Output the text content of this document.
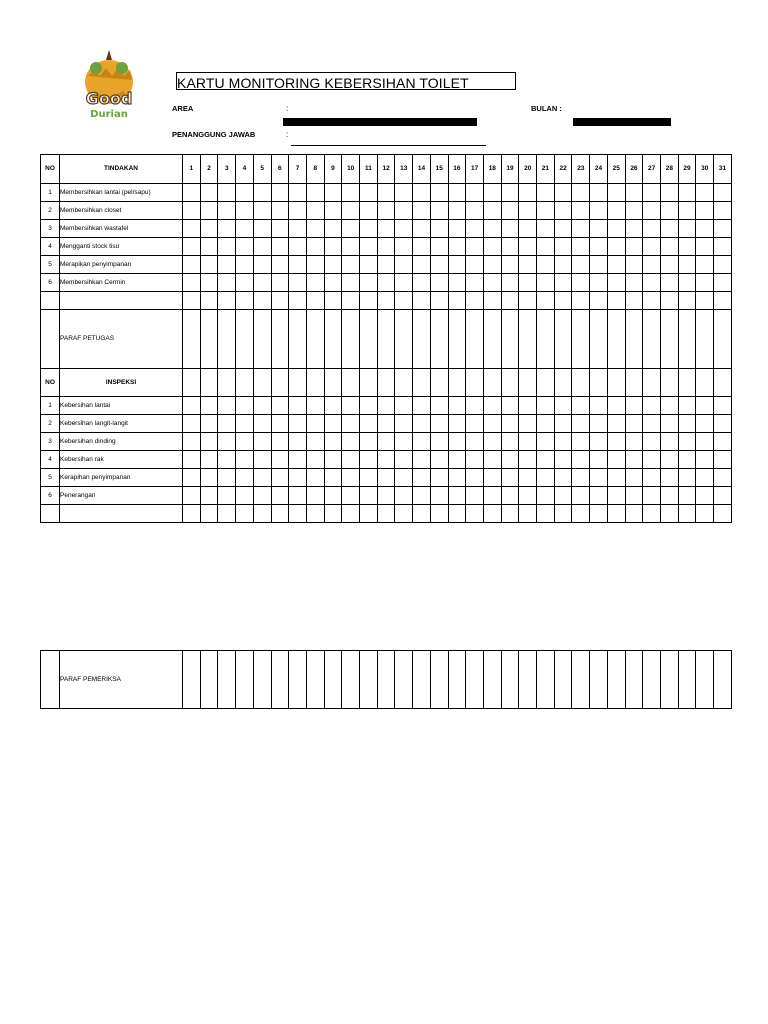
Good
Durian
KARTU MONITORING KEBERSIHAN TOILET
AREA	:	BULAN :
PENANGGUNG JAWAB	:
NO	TINDAKAN	1	2	3	4	5	6	7	8	9	10	11	12	13	14	15	16	17	18	19	20	21	22	23	24	25	26	27	28	29	30	31
1	Membersihkan lantai (pel/sapu)																															
2	Membersihkan closet																															
3	Membersihkan wastafel																															
4	Mengganti stock tisu																															
5	Merapikan penyimpanan																															
6	Membersihkan Cermin																															

	PARAF PETUGAS																															
NO	INSPEKSI																															
1	Kebersihan lantai																															
2	Kebersihan langit-langit																															
3	Kebersihan dinding																															
4	Kebersihan rak																															
5	Kerapihan penyimpanan																															
6	Penerangan																															

	PARAF PEMERIKSA																															
